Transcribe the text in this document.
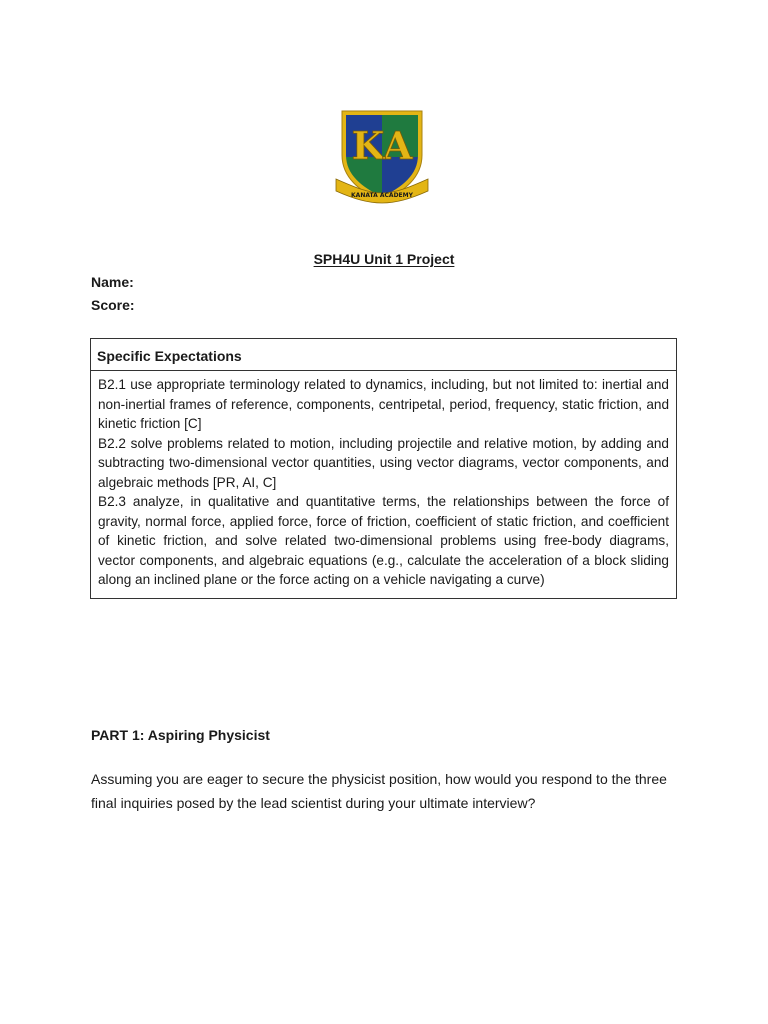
KA
KANATA ACADEMY
SPH4U Unit 1 Project
Name:
Score:
Specific Expectations

B2.1 use appropriate terminology related to dynamics, including, but not limited to: inertial and non-inertial frames of reference, components, centripetal, period, frequency, static friction, and kinetic friction [C]

B2.2 solve problems related to motion, including projectile and relative motion, by adding and subtracting two-dimensional vector quantities, using vector diagrams, vector components, and algebraic methods [PR, AI, C]

B2.3 analyze, in qualitative and quantitative terms, the relationships between the force of gravity, normal force, applied force, force of friction, coefficient of static friction, and coefficient of kinetic friction, and solve related two-dimensional problems using free-body diagrams, vector components, and algebraic equations (e.g., calculate the acceleration of a block sliding along an inclined plane or the force acting on a vehicle navigating a curve)

PART 1: Aspiring Physicist
Assuming you are eager to secure the physicist position, how would you respond to the three final inquiries posed by the lead scientist during your ultimate interview?
